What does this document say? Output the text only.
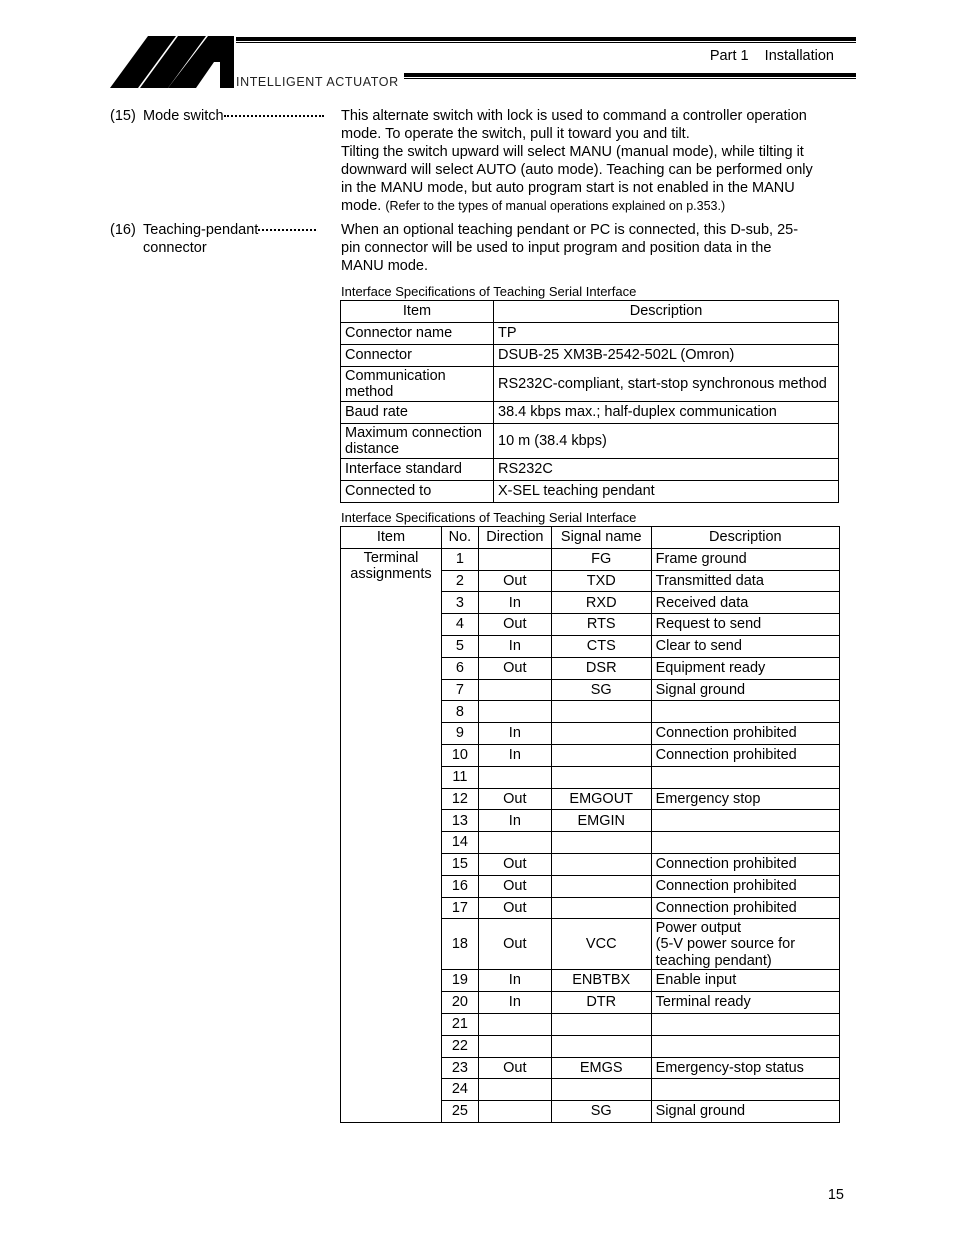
INTELLIGENT ACTUATOR
Part 1    Installation
(15) Mode switch	This alternate switch with lock is used to command a controller operation
mode. To operate the switch, pull it toward you and tilt.
Tilting the switch upward will select MANU (manual mode), while tilting it
downward will select AUTO (auto mode). Teaching can be performed only
in the MANU mode, but auto program start is not enabled in the MANU
mode. (Refer to the types of manual operations explained on p.353.)
(16) Teaching-pendant
connector
When an optional teaching pendant or PC is connected, this D-sub, 25-
pin connector will be used to input program and position data in the
MANU mode.
Interface Specifications of Teaching Serial Interface
Item	Description
Connector name	TP
Connector	DSUB-25 XM3B-2542-502L (Omron)

Communication
method	RS232C-compliant, start-stop synchronous method
Baud rate	38.4 kbps max.; half-duplex communication

Maximum connection
distance	10 m (38.4 kbps)
Interface standard	RS232C
Connected to	X-SEL teaching pendant
Interface Specifications of Teaching Serial Interface
Item	No.	Direction	Signal name	Description

Terminal
assignments	1		FG	Frame ground
	2	Out	TXD	Transmitted data
	3	In	RXD	Received data
	4	Out	RTS	Request to send
	5	In	CTS	Clear to send
	6	Out	DSR	Equipment ready
	7		SG	Signal ground
	8			
	9	In		Connection prohibited
	10	In		Connection prohibited
	11			
	12	Out	EMGOUT	Emergency stop
	13	In	EMGIN	
	14			
	15	Out		Connection prohibited
	16	Out		Connection prohibited
	17	Out		Connection prohibited
	18	Out	VCC	Power output
(5-V power source for
teaching pendant)

	19	In	ENBTBX	Enable input
	20	In	DTR	Terminal ready
	21			
	22			
	23	Out	EMGS	Emergency-stop status
	24			
	25		SG	Signal ground
15
